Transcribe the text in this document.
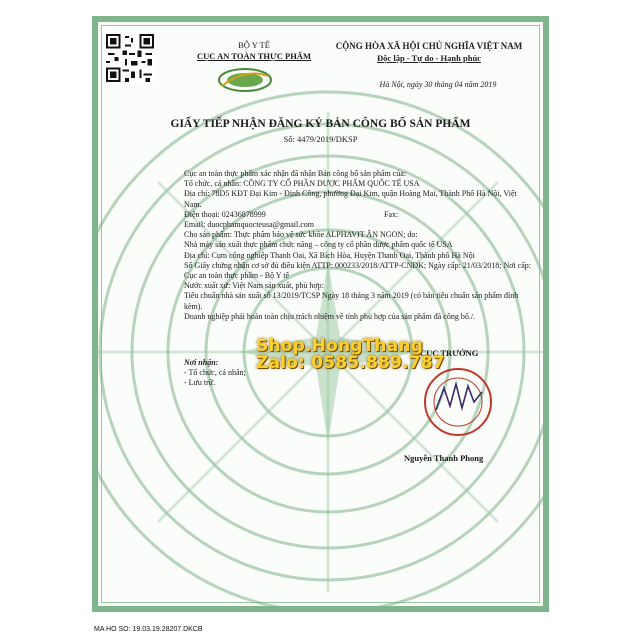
BỘ Y TẾ
CỤC AN TOÀN THỰC PHẨM
CỘNG HÒA XÃ HỘI CHỦ NGHĨA VIỆT NAM
Độc lập - Tự do - Hạnh phúc
Hà Nội, ngày 30 tháng 04 năm 2019
GIẤY TIẾP NHẬN ĐĂNG KÝ BẢN CÔNG BỐ SẢN PHẨM
Số: 4479/2019/DKSP

Cục an toàn thực phẩm xác nhận đã nhận Bản công bố sản phẩm của:

Tổ chức, cá nhân: CÔNG TY CỔ PHẦN DƯỢC PHẨM QUỐC TẾ USA

Địa chỉ: 78D5 KĐT Đại Kim - Định Công, phường Đại Kim, quận Hoàng Mai, Thành Phố Hà Nội, Việt Nam.

Điện thoại: 02436878999	Fax:

Email: duocphamquocteusa@gmail.com

Cho sản phẩm: Thực phẩm bảo vệ sức khỏe ALPHAVIT ĂN NGON; do:

Nhà máy sản xuất thực phẩm chức năng – công ty cổ phần dược phẩm quốc tế USA

Địa chỉ: Cụm công nghiệp Thanh Oai, Xã Bích Hòa, Huyện Thanh Oai, Thành phố Hà Nội

Số Giấy chứng nhận cơ sở đủ điều kiện ATTP: 000233/2018/ATTP-CNDK; Ngày cấp: 21/03/2018; Nơi cấp: Cục an toàn thực phẩm - Bộ Y tế

Nước xuất xứ: Việt Nam sản xuất, phù hợp:

Tiêu chuẩn nhà sản xuất số 13/2019/TCSP Ngày 18 tháng 3 năm 2019 (có bản tiêu chuẩn sản phẩm đính kèm).

Doanh nghiệp phải hoàn toàn chịu trách nhiệm về tính phù hợp của sản phẩm đã công bố./.

Nơi nhận:
- Tổ chức, cá nhân;
- Lưu trữ.
CỤC TRƯỞNG
Nguyễn Thanh Phong
Shop.HongThang
Zalo: 0585.889.787
MA HO SO: 19.03.19.28207.DKCB
